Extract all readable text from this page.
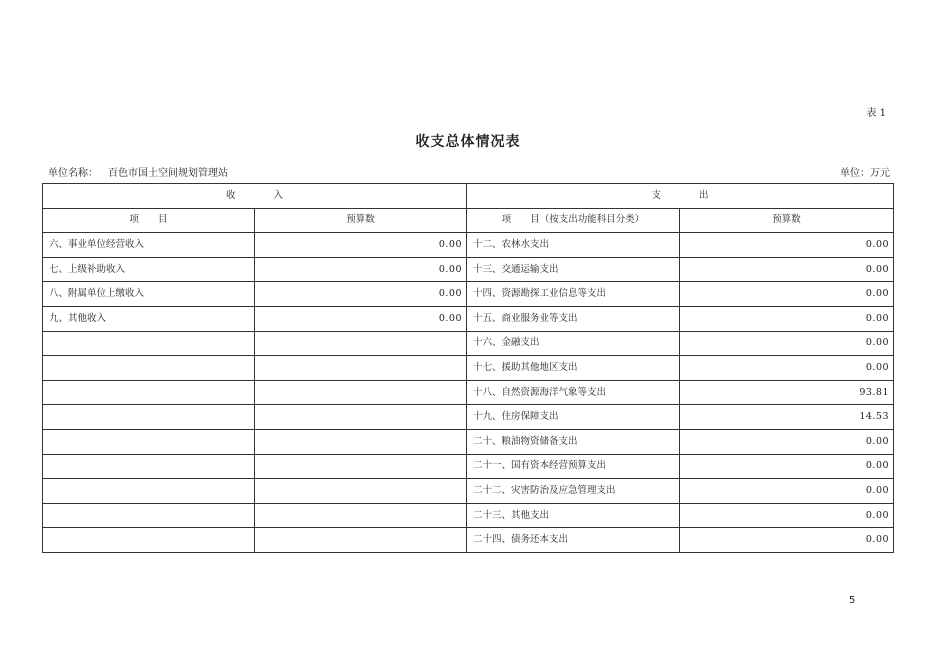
表 1
收支总体情况表
单位名称： 百色市国土空间规划管理站	单位：万元
收　　　　入		支　　　　出	
项　　目	预算数	项　　目（按支出功能科目分类）	预算数
六、事业单位经营收入	0.00	十二、农林水支出	0.00
七、上级补助收入	0.00	十三、交通运输支出	0.00
八、附属单位上缴收入	0.00	十四、资源勘探工业信息等支出	0.00
九、其他收入	0.00	十五、商业服务业等支出	0.00
		十六、金融支出	0.00
		十七、援助其他地区支出	0.00
		十八、自然资源海洋气象等支出	93.81
		十九、住房保障支出	14.53
		二十、粮油物资储备支出	0.00
		二十一、国有资本经营预算支出	0.00
		二十二、灾害防治及应急管理支出	0.00
		二十三、其他支出	0.00
		二十四、债务还本支出	0.00
5
